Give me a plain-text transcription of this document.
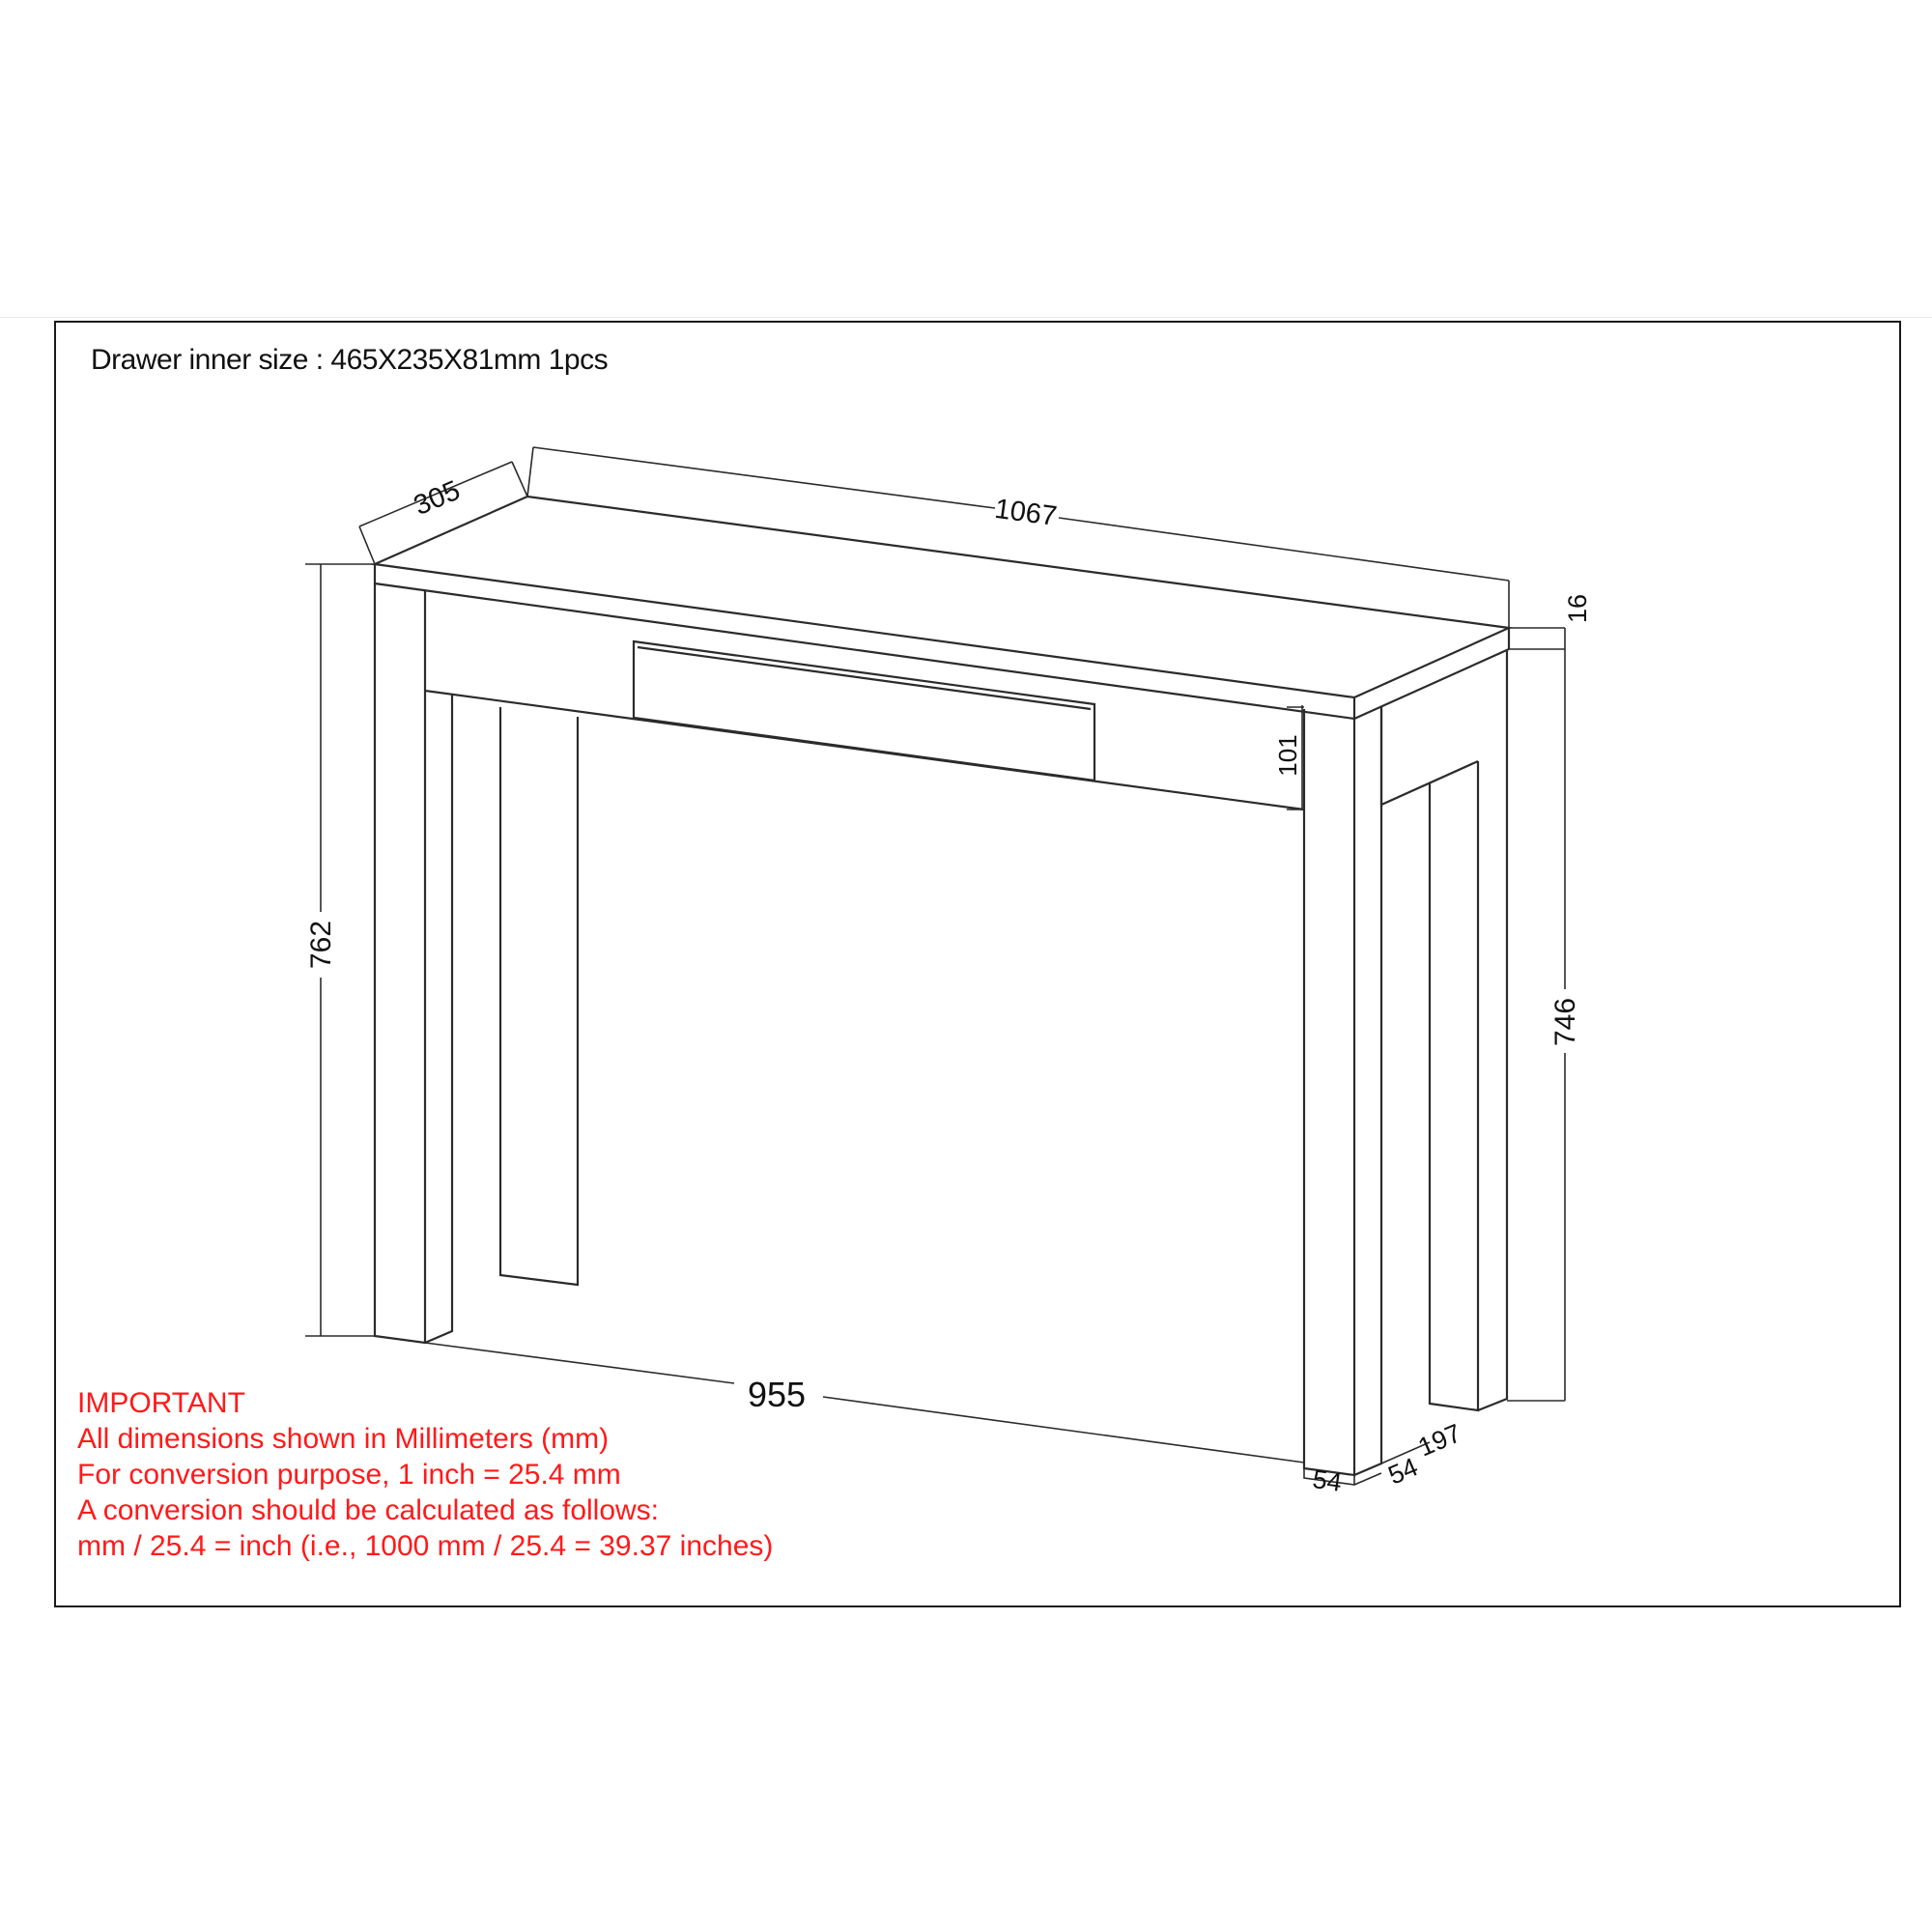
Drawer inner size : 465X235X81mm 1pcs
305	1067
16
762
746
101
955
54 54
197
IMPORTANT
All dimensions shown in Millimeters (mm)
For conversion purpose, 1 inch = 25.4 mm
A conversion should be calculated as follows:
mm / 25.4 = inch (i.e., 1000 mm / 25.4 = 39.37 inches)
